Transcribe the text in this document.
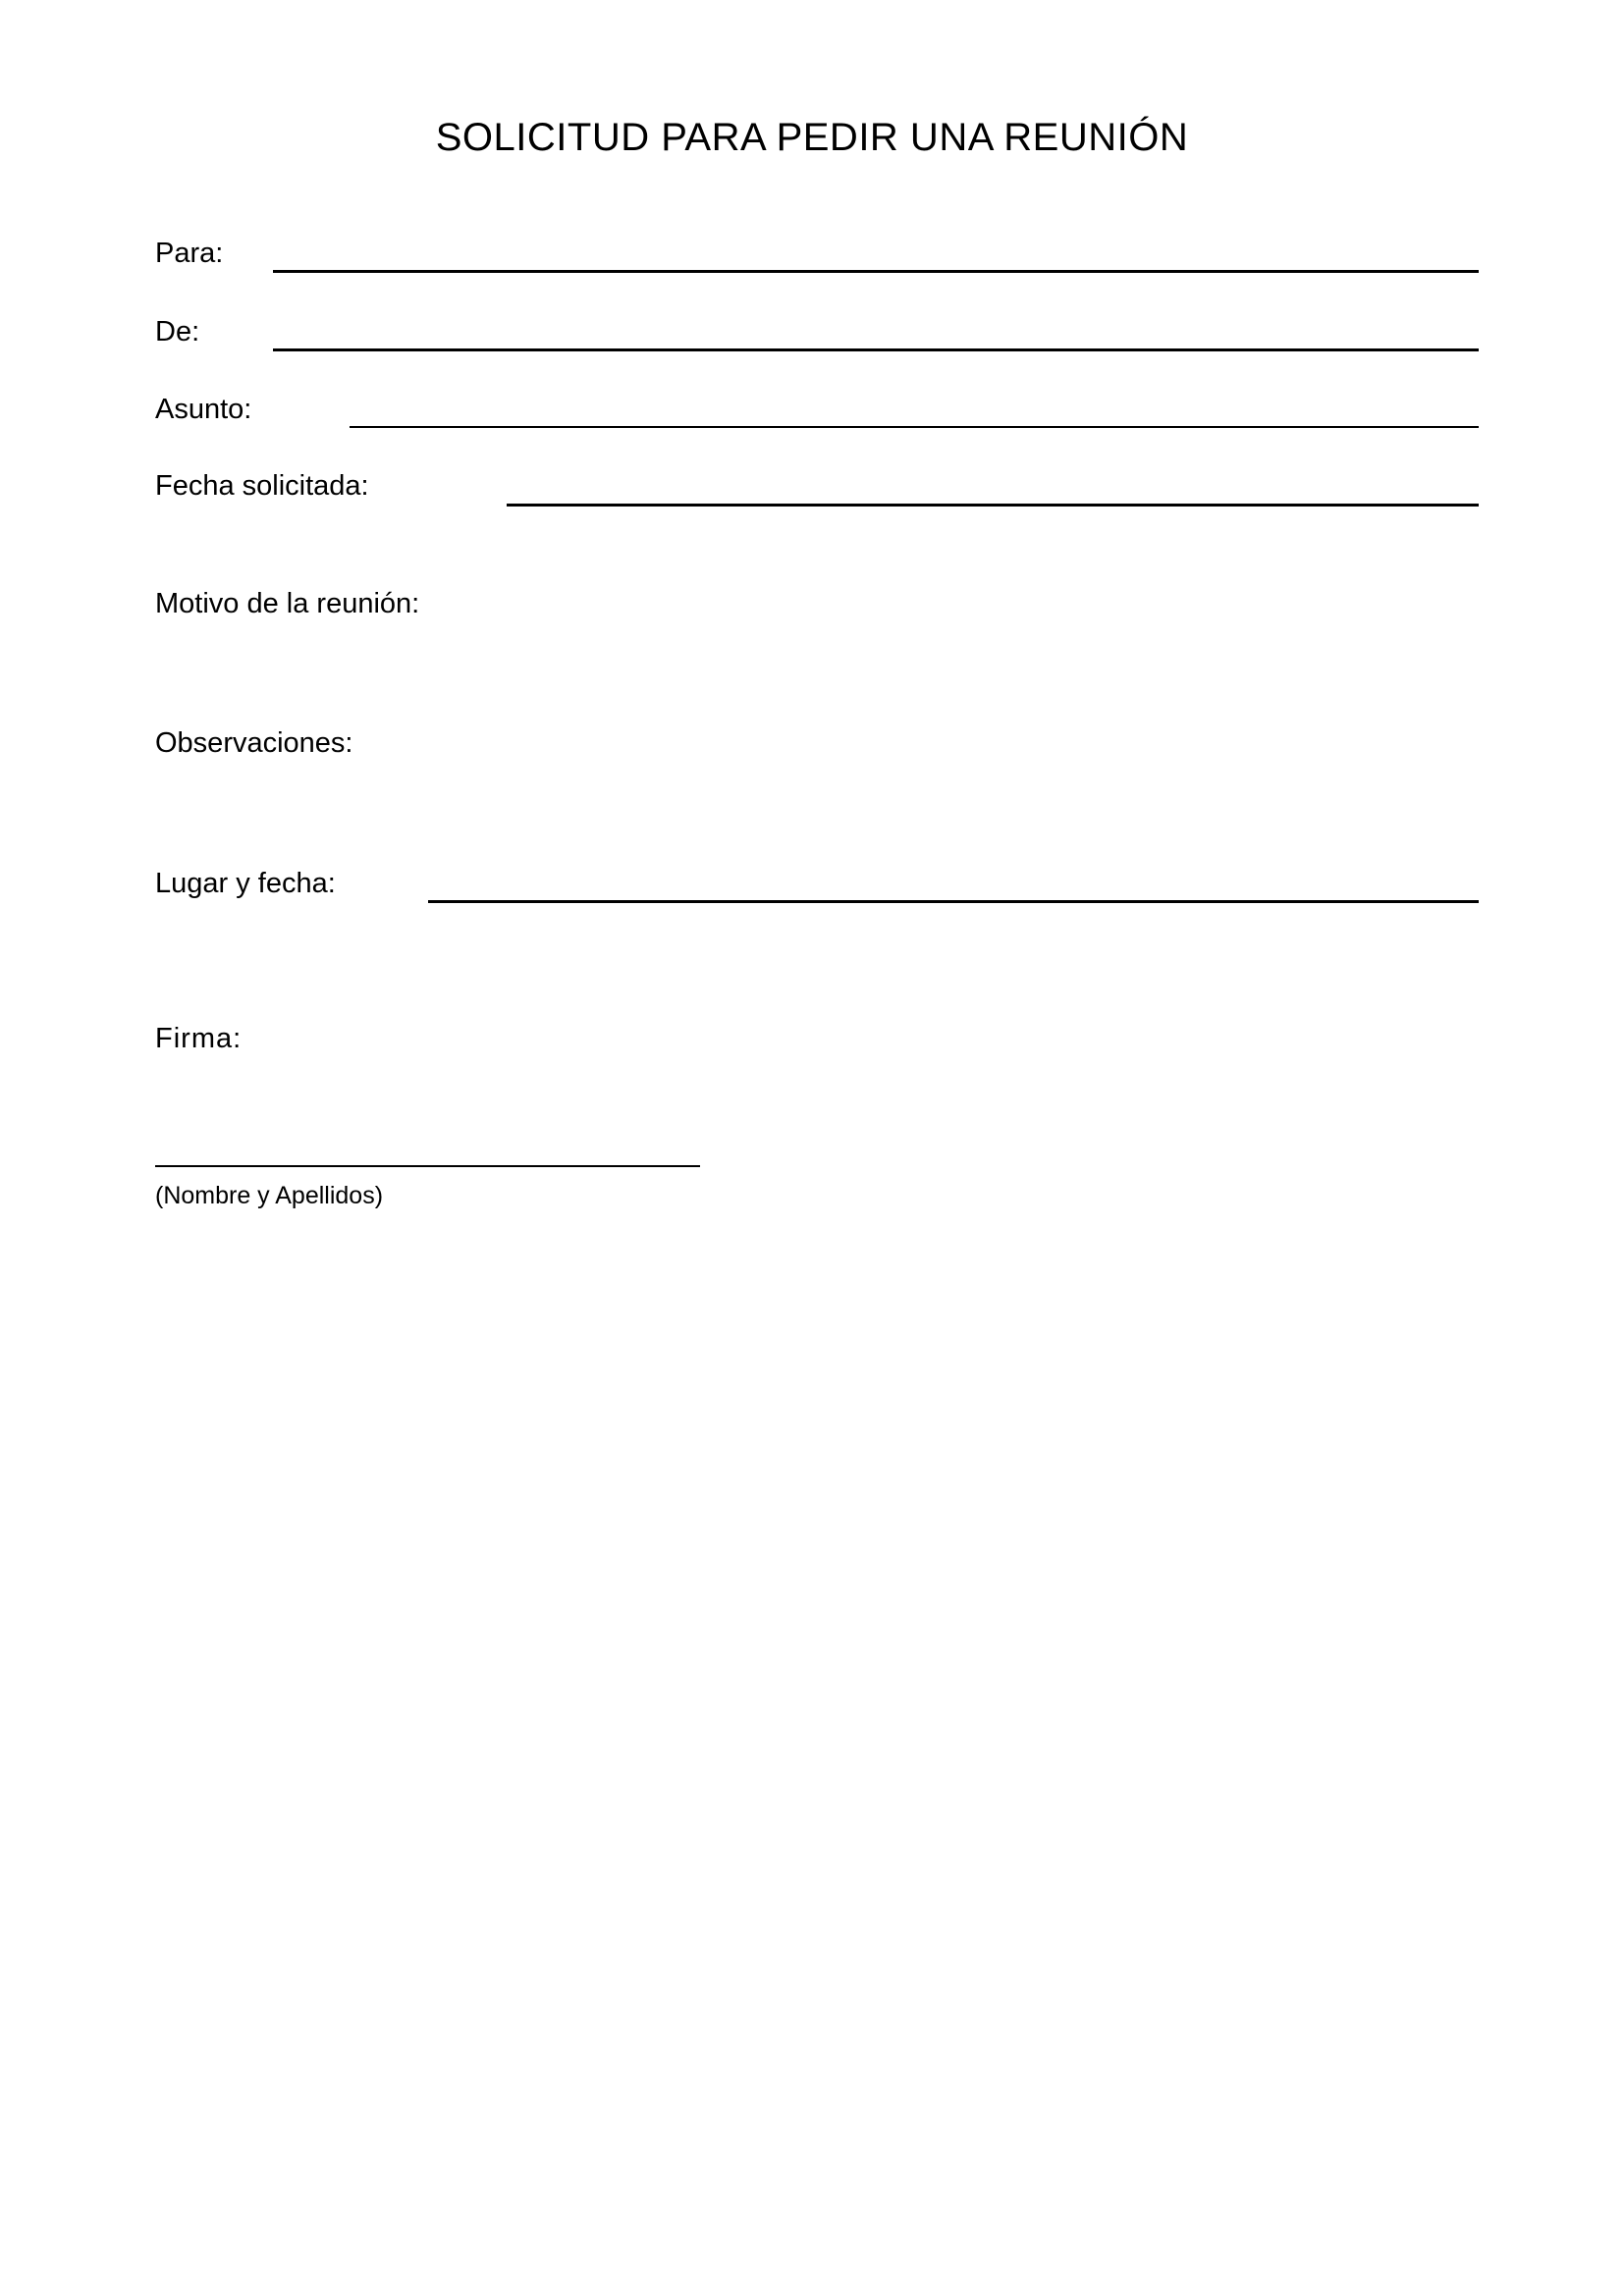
SOLICITUD PARA PEDIR UNA REUNIÓN
Para:
De:
Asunto:
Fecha solicitada:
Motivo de la reunión:
Observaciones:
Lugar y fecha:
Firma:
(Nombre y Apellidos)
